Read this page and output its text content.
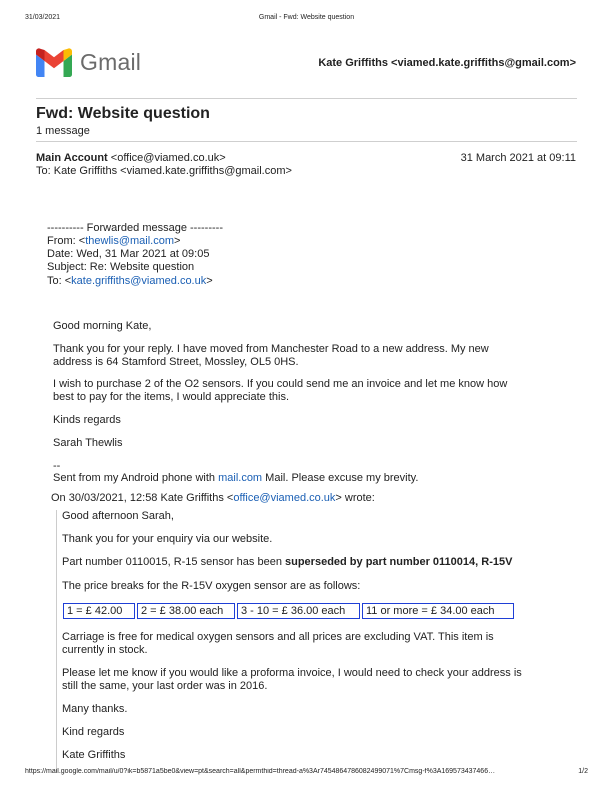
31/03/2021	Gmail - Fwd: Website question
Gmail	Kate Griffiths <viamed.kate.griffiths@gmail.com>
Fwd: Website question
1 message
Main Account <office@viamed.co.uk>	31 March 2021 at 09:11
To: Kate Griffiths <viamed.kate.griffiths@gmail.com>
---------- Forwarded message ---------
From: <thewlis@mail.com>
Date: Wed, 31 Mar 2021 at 09:05
Subject: Re: Website question
To: <kate.griffiths@viamed.co.uk>
Good morning Kate,
Thank you for your reply. I have moved from Manchester Road to a new address. My new
address is 64 Stamford Street, Mossley, OL5 0HS.
I wish to purchase 2 of the O2 sensors. If you could send me an invoice and let me know how
best to pay for the items, I would appreciate this.
Kinds regards
Sarah Thewlis
--
Sent from my Android phone with mail.com Mail. Please excuse my brevity.
On 30/03/2021, 12:58 Kate Griffiths <office@viamed.co.uk> wrote:
Good afternoon Sarah,
Thank you for your enquiry via our website.
Part number 0110015, R-15 sensor has been superseded by part number 0110014, R-15V
The price breaks for the R-15V oxygen sensor are as follows:
1 = £ 42.00	2 = £ 38.00 each	3 - 10 = £ 36.00 each	11 or more = £ 34.00 each
Carriage is free for medical oxygen sensors and all prices are excluding VAT. This item is
currently in stock.
Please let me know if you would like a proforma invoice, I would need to check your address is
still the same, your last order was in 2016.
Many thanks.
Kind regards
Kate Griffiths
https://mail.google.com/mail/u/0?ik=b5871a5be0&view=pt&search=all&permthid=thread-a%3Ar7454864786082499071%7Cmsg-f%3A169573437466…	1/2
